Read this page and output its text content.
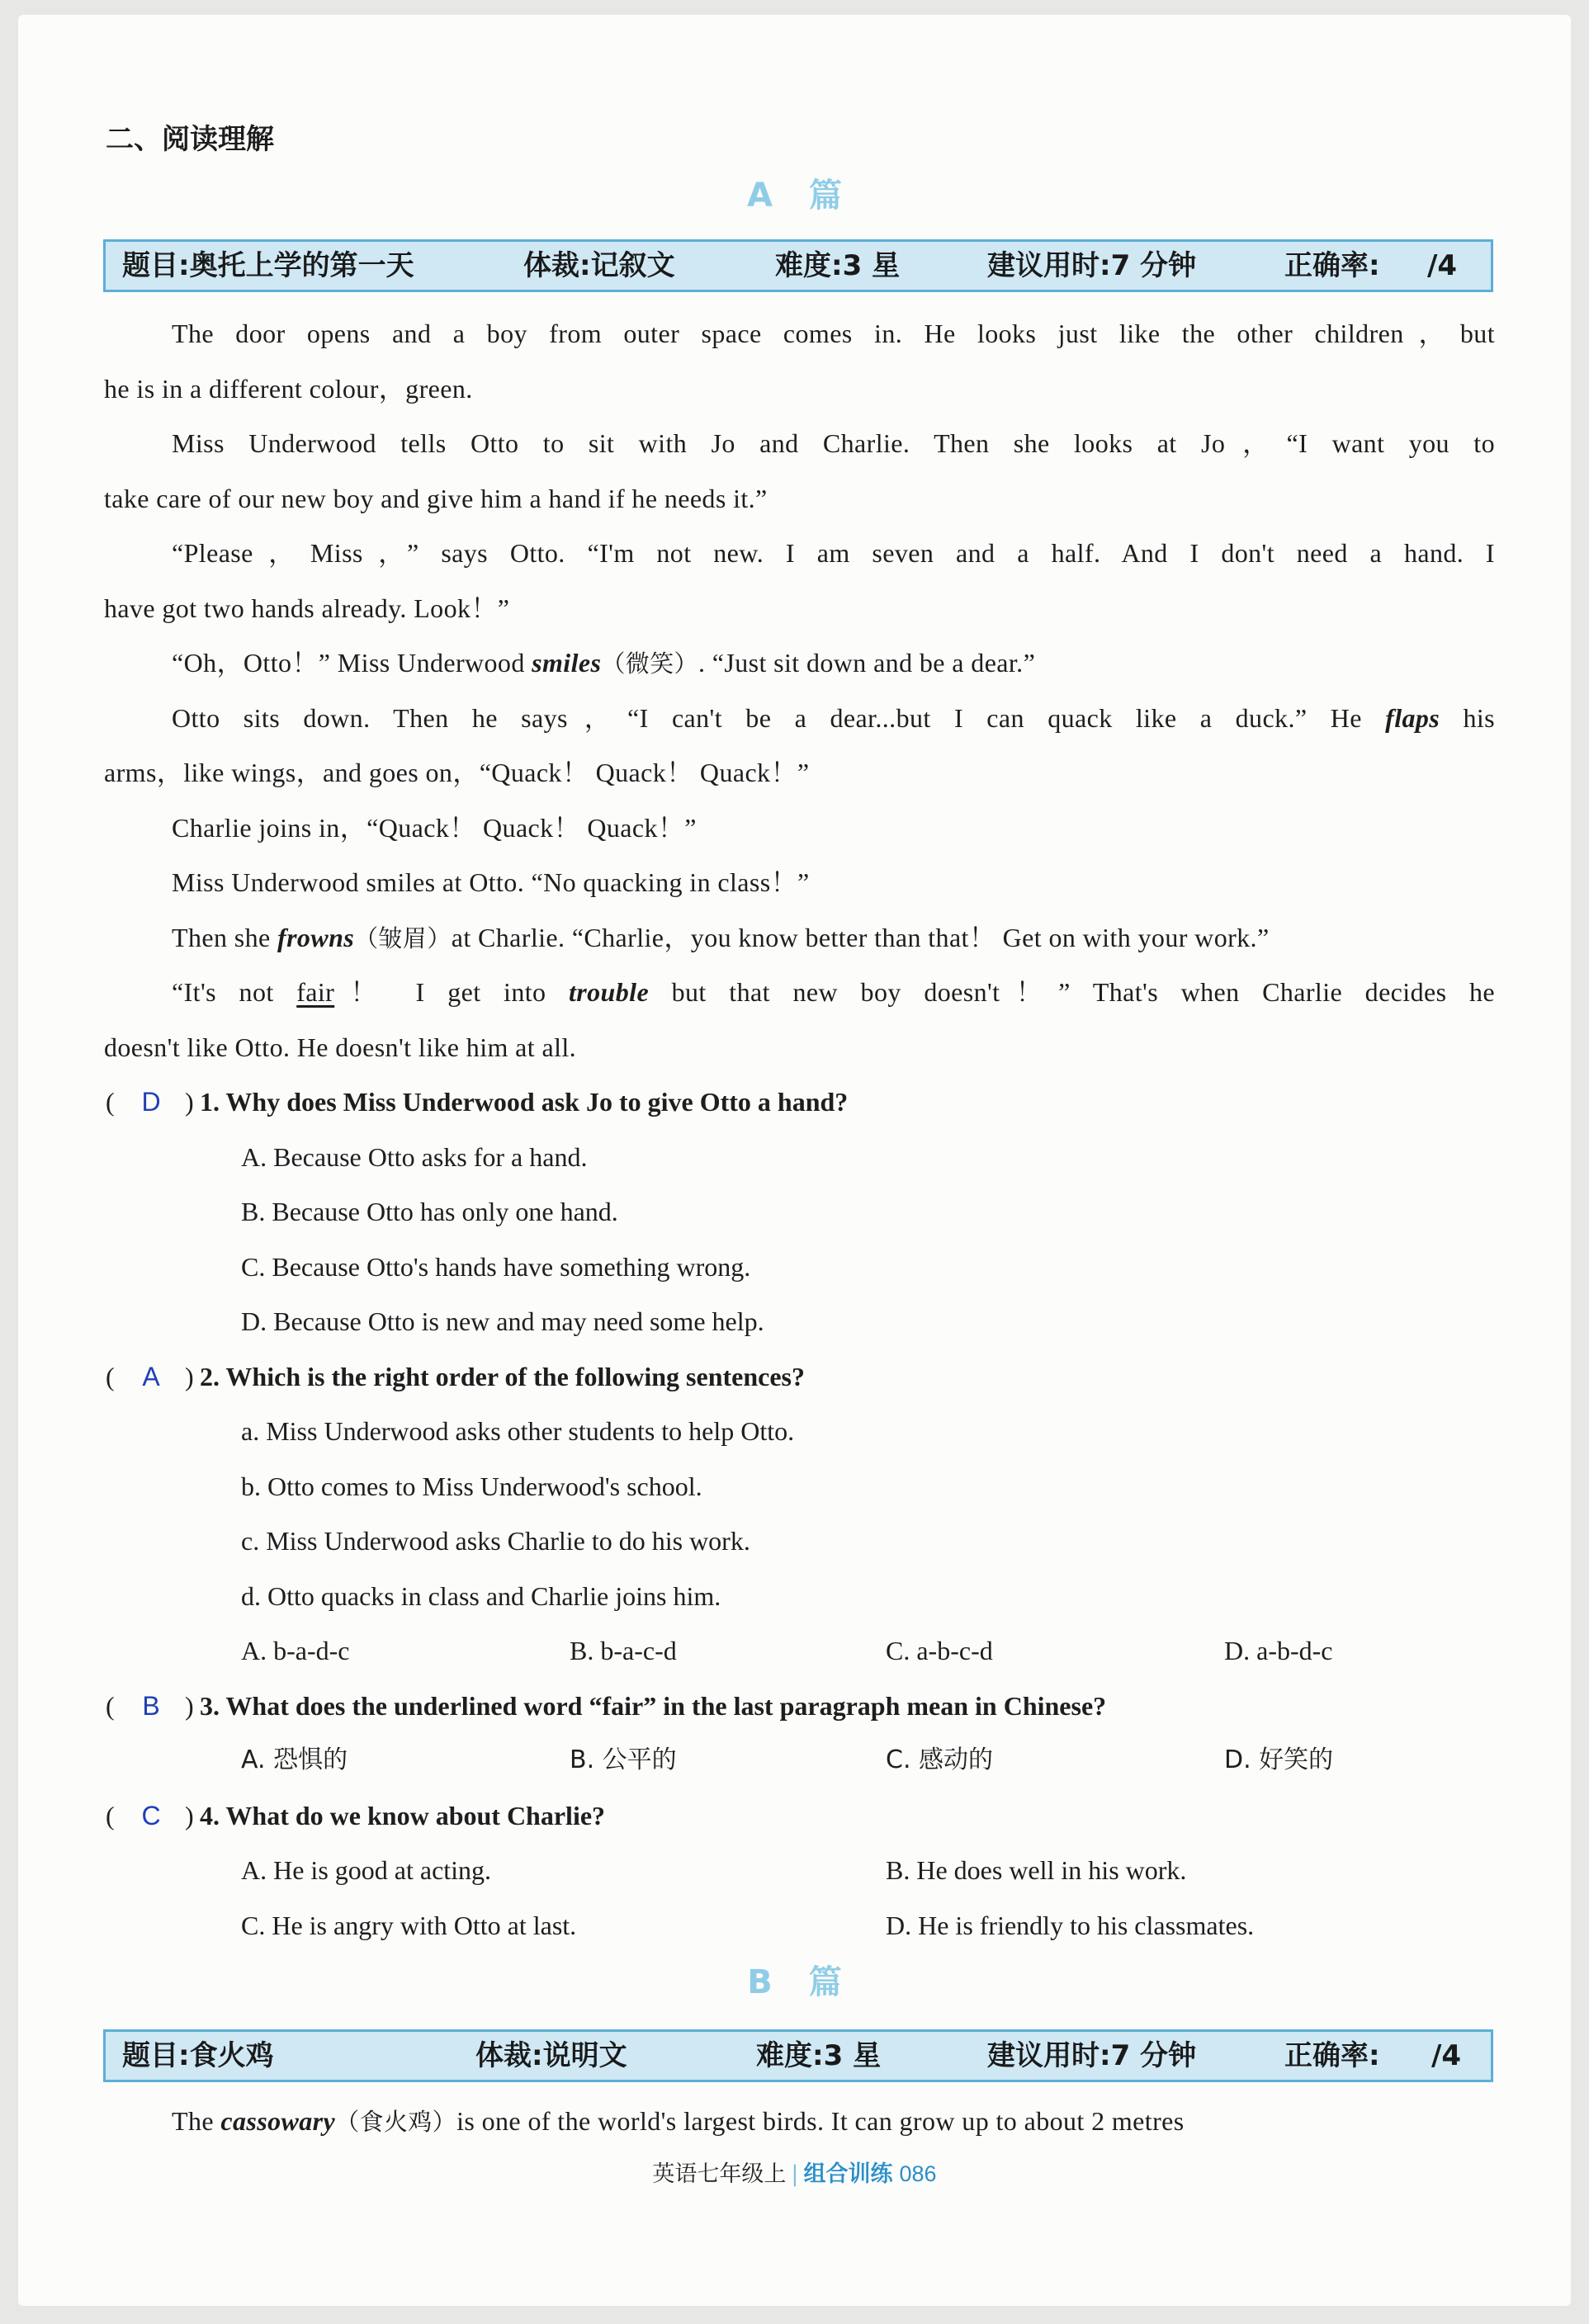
二、阅读理解
A 篇
题目:奥托上学的第一天	体裁:记叙文	难度:3 星	建议用时:7 分钟	正确率: /4
The door opens and a boy from outer space comes in. He looks just like the other children，but
he is in a different colour，green.
Miss Underwood tells Otto to sit with Jo and Charlie. Then she looks at Jo，“I want you to
take care of our new boy and give him a hand if he needs it.”
“Please，Miss，” says Otto. “I'm not new. I am seven and a half. And I don't need a hand. I
have got two hands already. Look！”
“Oh，Otto！” Miss Underwood smiles（微笑）. “Just sit down and be a dear.”
Otto sits down. Then he says，“I can't be a dear...but I can quack like a duck.” He flaps his
arms，like wings，and goes on，“Quack！ Quack！ Quack！”
Charlie joins in，“Quack！ Quack！ Quack！”
Miss Underwood smiles at Otto. “No quacking in class！”
Then she frowns（皱眉）at Charlie. “Charlie，you know better than that！ Get on with your work.”
“It's not fair！ I get into trouble but that new boy doesn't！” That's when Charlie decides he
doesn't like Otto. He doesn't like him at all.
( D ) 1. Why does Miss Underwood ask Jo to give Otto a hand?
A. Because Otto asks for a hand.
B. Because Otto has only one hand.
C. Because Otto's hands have something wrong.
D. Because Otto is new and may need some help.
( A ) 2. Which is the right order of the following sentences?
a. Miss Underwood asks other students to help Otto.
b. Otto comes to Miss Underwood's school.
c. Miss Underwood asks Charlie to do his work.
d. Otto quacks in class and Charlie joins him.
A. b-a-d-c	B. b-a-c-d	C. a-b-c-d	D. a-b-d-c
( B ) 3. What does the underlined word “fair” in the last paragraph mean in Chinese?
A. 恐惧的	B. 公平的	C. 感动的	D. 好笑的
( C ) 4. What do we know about Charlie?
A. He is good at acting.	B. He does well in his work.
C. He is angry with Otto at last.	D. He is friendly to his classmates.
B 篇
题目:食火鸡	体裁:说明文	难度:3 星	建议用时:7 分钟	正确率: /4
The cassowary（食火鸡）is one of the world's largest birds. It can grow up to about 2 metres
英语七年级上 | 组合训练 086
